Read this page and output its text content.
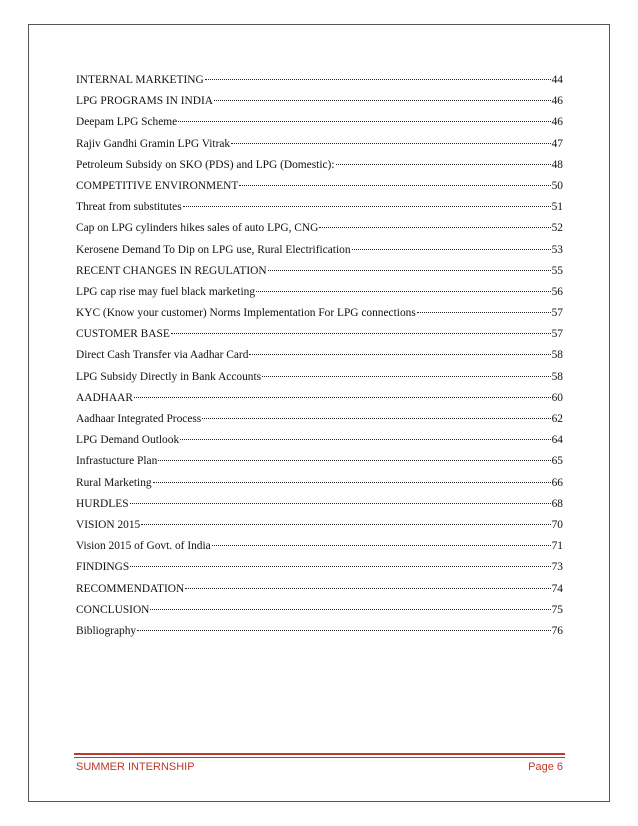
INTERNAL MARKETING	44
LPG PROGRAMS IN INDIA	46
Deepam LPG Scheme	46
Rajiv Gandhi Gramin LPG Vitrak	47
Petroleum Subsidy on SKO (PDS) and LPG (Domestic):	48
COMPETITIVE ENVIRONMENT	50
Threat from substitutes	51
Cap on LPG cylinders hikes sales of auto LPG, CNG	52
Kerosene Demand To Dip on LPG use, Rural Electrification	53
RECENT CHANGES IN REGULATION	55
LPG cap rise may fuel black marketing	56
KYC (Know your customer) Norms Implementation For LPG connections	57
CUSTOMER BASE	57
Direct Cash Transfer via Aadhar Card	58
LPG Subsidy Directly in Bank Accounts	58
AADHAAR	60
Aadhaar Integrated Process	62
LPG Demand Outlook	64
Infrastucture Plan	65
Rural Marketing	66
HURDLES	68
VISION 2015	70
Vision 2015 of Govt. of India	71
FINDINGS	73
RECOMMENDATION	74
CONCLUSION	75
Bibliography	76
SUMMER INTERNSHIP	Page 6
